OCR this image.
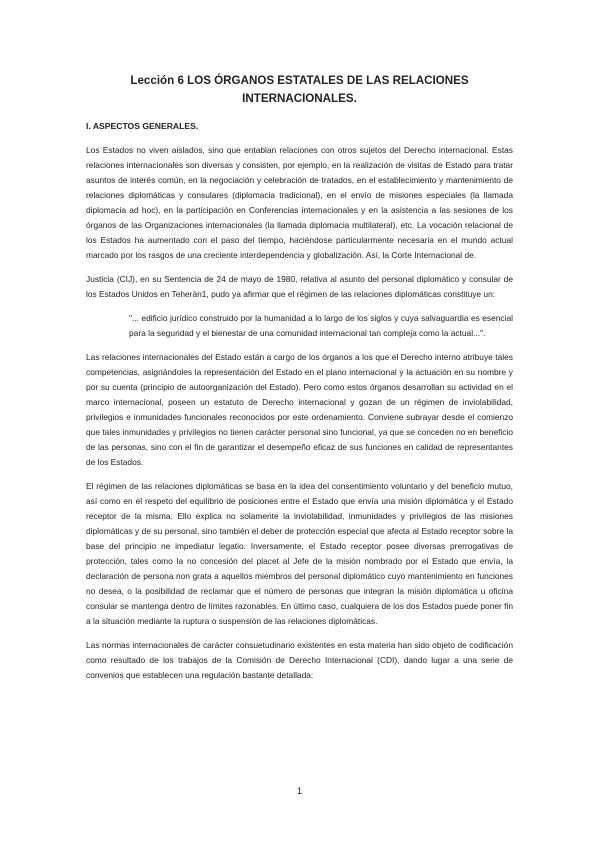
Lección 6 LOS ÓRGANOS ESTATALES DE LAS RELACIONES INTERNACIONALES.
I. ASPECTOS GENERALES.

Los Estados no viven aislados, sino que entablan relaciones con otros sujetos del Derecho internacional. Estas relaciones internacionales son diversas y consisten, por ejemplo, en la realización de visitas de Estado para tratar asuntos de interés común, en la negociación y celebración de tratados, en el establecimiento y mantenimiento de relaciones diplomáticas y consulares (diplomacia tradicional), en el envío de misiones especiales (la llamada diplomacia ad hoc), en la participación en Conferencias internacionales y en la asistencia a las sesiones de los órganos de las Organizaciones internacionales (la llamada diplomacia multilateral), etc. La vocación relacional de los Estados ha aumentado con el paso del tiempo, haciéndose particularmente necesaria en el mundo actual marcado por los rasgos de una creciente interdependencia y globalización. Así, la Corte Internacional de.

Justicia (CIJ), en su Sentencia de 24 de mayo de 1980, relativa al asunto del personal diplomático y consular de los Estados Unidos en Teherán1, pudo ya afirmar que el régimen de las relaciones diplomáticas constituye un:

"... edificio jurídico construido por la humanidad a lo largo de los siglos y cuya salvaguardia es esencial para la seguridad y el bienestar de una comunidad internacional tan compleja como la actual...".

Las relaciones internacionales del Estado están a cargo de los órganos a los que el Derecho interno atribuye tales competencias, asignándoles la representación del Estado en el plano internacional y la actuación en su nombre y por su cuenta (principio de autoorganización del Estado). Pero como estos órganos desarrollan su actividad en el marco internacional, poseen un estatuto de Derecho internacional y gozan de un régimen de inviolabilidad, privilegios e inmunidades funcionales reconocidos por este ordenamiento. Conviene subrayar desde el comienzo que tales inmunidades y privilegios no tienen carácter personal sino funcional, ya que se conceden no en beneficio de las personas, sino con el fin de garantizar el desempeño eficaz de sus funciones en calidad de representantes de los Estados.

El régimen de las relaciones diplomáticas se basa en la idea del consentimiento voluntario y del beneficio mutuo, así como en el respeto del equilibrio de posiciones entre el Estado que envía una misión diplomática y el Estado receptor de la misma. Ello explica no solamente la inviolabilidad, inmunidades y privilegios de las misiones diplomáticas y de su personal, sino también el deber de protección especial que afecta al Estado receptor sobre la base del principio ne impediatur legatio. Inversamente, el Estado receptor posee diversas prerrogativas de protección, tales como la no concesión del placet al Jefe de la misión nombrado por el Estado que envía, la declaración de persona non grata a aquellos miembros del personal diplomático cuyo mantenimiento en funciones no desea, o la posibilidad de reclamar que el número de personas que integran la misión diplomática u oficina consular se mantenga dentro de límites razonables. En último caso, cualquiera de los dos Estados puede poner fin a la situación mediante la ruptura o suspensión de las relaciones diplomáticas.

Las normas internacionales de carácter consuetudinario existentes en esta materia han sido objeto de codificación como resultado de los trabajos de la Comisión de Derecho Internacional (CDI), dando lugar a una serie de convenios que establecen una regulación bastante detallada:

1
